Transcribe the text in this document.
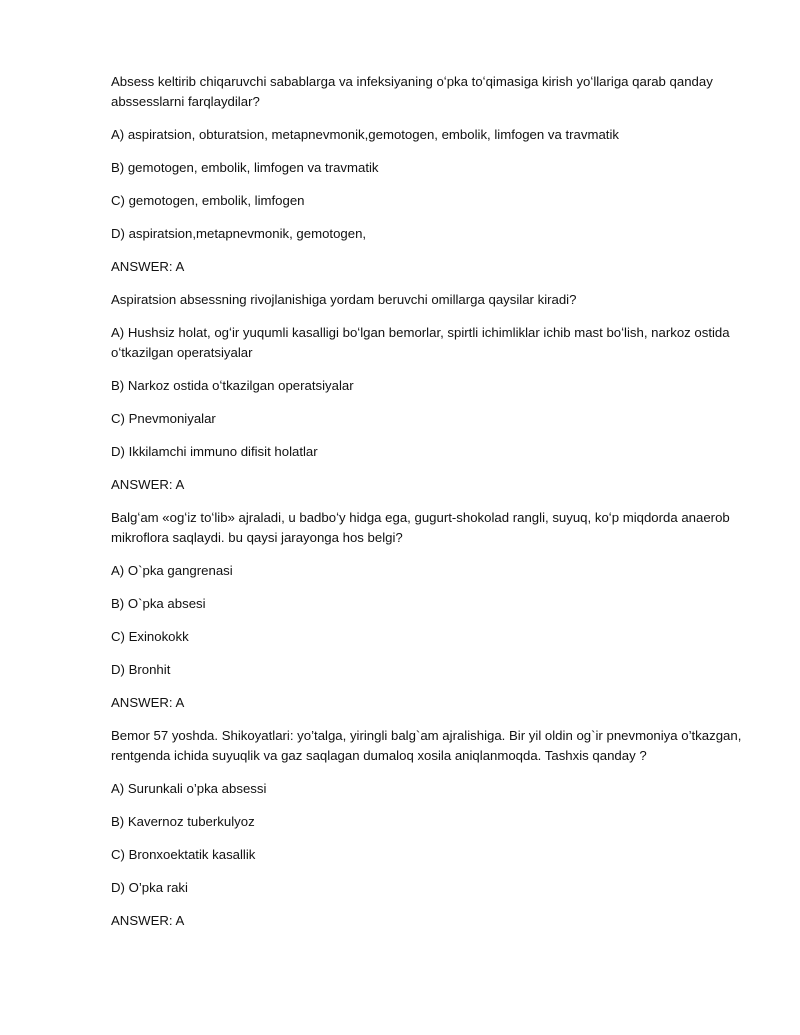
Absess keltirib chiqaruvchi sabablarga va infeksiyaning oʻpka toʻqimasiga kirish yoʻllariga qarab qanday abssesslarni farqlaydilar?

A) aspiratsion, obturatsion, metapnevmonik,gemotogen, embolik, limfogen va travmatik

B) gemotogen, embolik, limfogen va travmatik

C) gemotogen, embolik, limfogen

D) aspiratsion,metapnevmonik, gemotogen,

ANSWER: A

Aspiratsion absessning rivojlanishiga yordam beruvchi omillarga qaysilar kiradi?

A) Hushsiz holat, ogʻir yuqumli kasalligi boʻlgan bemorlar, spirtli ichimliklar ichib mast boʻlish, narkoz ostida oʻtkazilgan operatsiyalar

B) Narkoz ostida oʻtkazilgan operatsiyalar

C) Pnevmoniyalar

D) Ikkilamchi immuno difisit holatlar

ANSWER: A

Balgʻam «ogʻiz toʻlib» ajraladi, u badboʻy hidga ega, gugurt-shokolad rangli, suyuq, koʻp miqdorda anaerob mikroflora saqlaydi. bu qaysi jarayonga hos belgi?

A) O`pka gangrenasi

B) O`pka absesi

C) Exinokokk

D) Bronhit

ANSWER: A

Bemor 57 yoshda. Shikoyatlari: yo’talga, yiringli balg`am ajralishiga. Bir yil oldin og`ir pnevmoniya o’tkazgan, rentgenda ichida suyuqlik va gaz saqlagan dumaloq xosila aniqlanmoqda. Tashxis qanday ?

A) Surunkali o’pka absessi

B) Kavernoz tuberkulyoz

C) Bronxoektatik kasallik

D) O’pka raki

ANSWER: A
